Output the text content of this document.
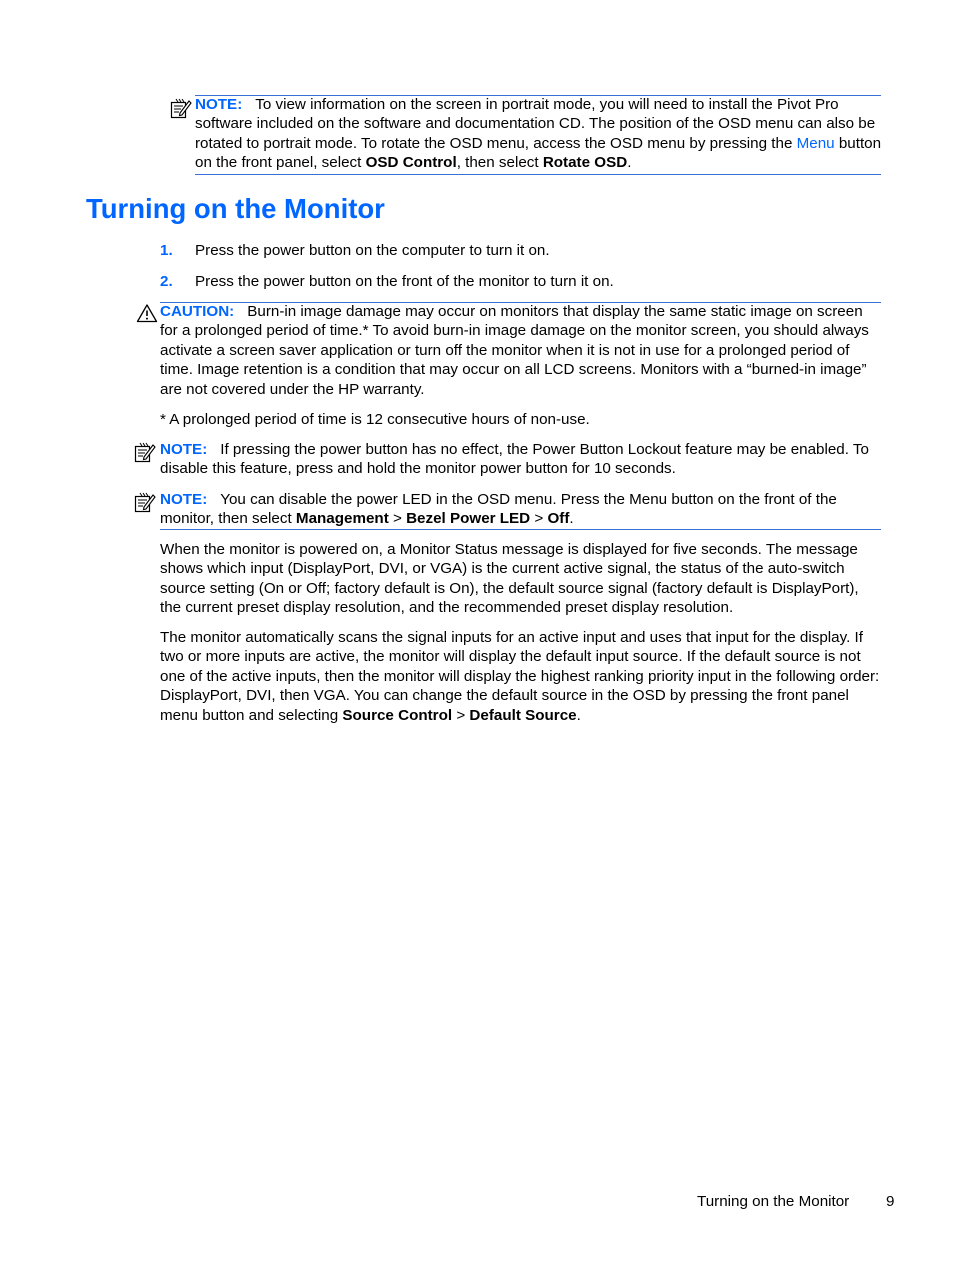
NOTE: To view information on the screen in portrait mode, you will need to install the Pivot Pro software included on the software and documentation CD. The position of the OSD menu can also be rotated to portrait mode. To rotate the OSD menu, access the OSD menu by pressing the Menu button on the front panel, select OSD Control, then select Rotate OSD.

Turning on the Monitor
1. Press the power button on the computer to turn it on.
2. Press the power button on the front of the monitor to turn it on.

CAUTION: Burn-in image damage may occur on monitors that display the same static image on screen for a prolonged period of time.* To avoid burn-in image damage on the monitor screen, you should always activate a screen saver application or turn off the monitor when it is not in use for a prolonged period of time. Image retention is a condition that may occur on all LCD screens. Monitors with a “burned-in image” are not covered under the HP warranty.

* A prolonged period of time is 12 consecutive hours of non-use.

NOTE: If pressing the power button has no effect, the Power Button Lockout feature may be enabled. To disable this feature, press and hold the monitor power button for 10 seconds.

NOTE: You can disable the power LED in the OSD menu. Press the Menu button on the front of the monitor, then select Management > Bezel Power LED > Off.

When the monitor is powered on, a Monitor Status message is displayed for five seconds. The message shows which input (DisplayPort, DVI, or VGA) is the current active signal, the status of the auto-switch source setting (On or Off; factory default is On), the default source signal (factory default is DisplayPort), the current preset display resolution, and the recommended preset display resolution.

The monitor automatically scans the signal inputs for an active input and uses that input for the display. If two or more inputs are active, the monitor will display the default input source. If the default source is not one of the active inputs, then the monitor will display the highest ranking priority input in the following order: DisplayPort, DVI, then VGA. You can change the default source in the OSD by pressing the front panel menu button and selecting Source Control > Default Source.

Turning on the Monitor 9
